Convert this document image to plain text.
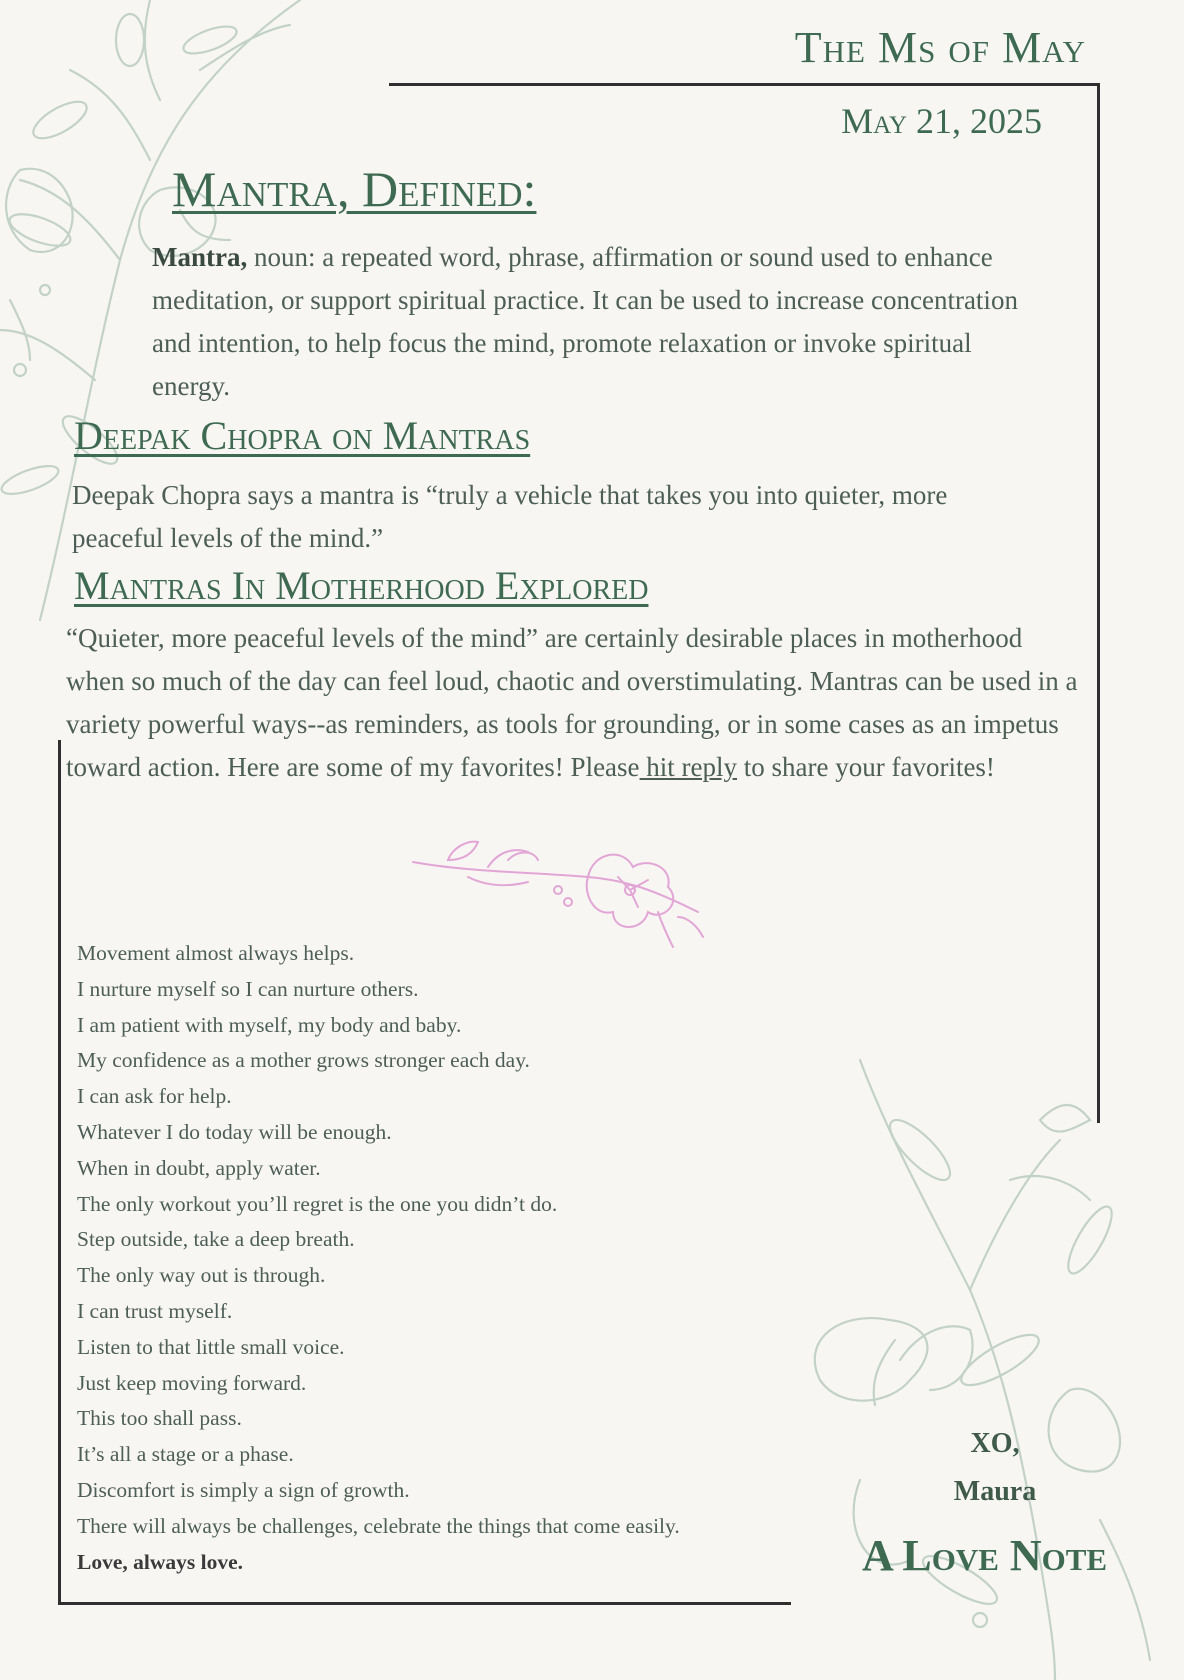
The Ms of May
May 21, 2025
Mantra, Defined:
Mantra, noun: a repeated word, phrase, affirmation or sound used to enhance meditation, or support spiritual practice. It can be used to increase concentration and intention, to help focus the mind, promote relaxation or invoke spiritual energy.
Deepak Chopra on Mantras
Deepak Chopra says a mantra is “truly a vehicle that takes you into quieter, more peaceful levels of the mind.”
Mantras In Motherhood Explored
“Quieter, more peaceful levels of the mind” are certainly desirable places in motherhood when so much of the day can feel loud, chaotic and overstimulating. Mantras can be used in a variety powerful ways--as reminders, as tools for grounding, or in some cases as an impetus toward action. Here are some of my favorites! Please hit reply to share your favorites!
Movement almost always helps.
I nurture myself so I can nurture others.
I am patient with myself, my body and baby.
My confidence as a mother grows stronger each day.
I can ask for help.
Whatever I do today will be enough.
When in doubt, apply water.
The only workout you’ll regret is the one you didn’t do.
Step outside, take a deep breath.
The only way out is through.
I can trust myself.
Listen to that little small voice.
Just keep moving forward.
This too shall pass.
It’s all a stage or a phase.
Discomfort is simply a sign of growth.
There will always be challenges, celebrate the things that come easily.
Love, always love.
XO,
Maura
A Love Note
